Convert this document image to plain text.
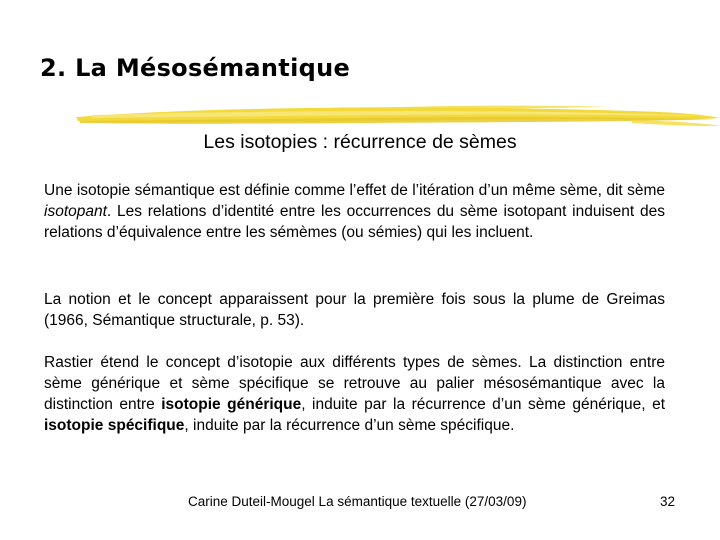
2. La Mésosémantique

Les isotopies : récurrence de sèmes

Une isotopie sémantique est définie comme l’effet de l’itération d’un même sème, dit sème isotopant. Les relations d’identité entre les occurrences du sème isotopant induisent des relations d’équivalence entre les sémèmes (ou sémies) qui les incluent.

La notion et le concept apparaissent pour la première fois sous la plume de Greimas (1966, Sémantique structurale, p. 53).

Rastier étend le concept d’isotopie aux différents types de sèmes. La distinction entre sème générique et sème spécifique se retrouve au palier mésosémantique avec la distinction entre isotopie générique, induite par la récurrence d’un sème générique, et isotopie spécifique, induite par la récurrence d’un sème spécifique.

Carine Duteil-Mougel La sémantique textuelle (27/03/09)	32
